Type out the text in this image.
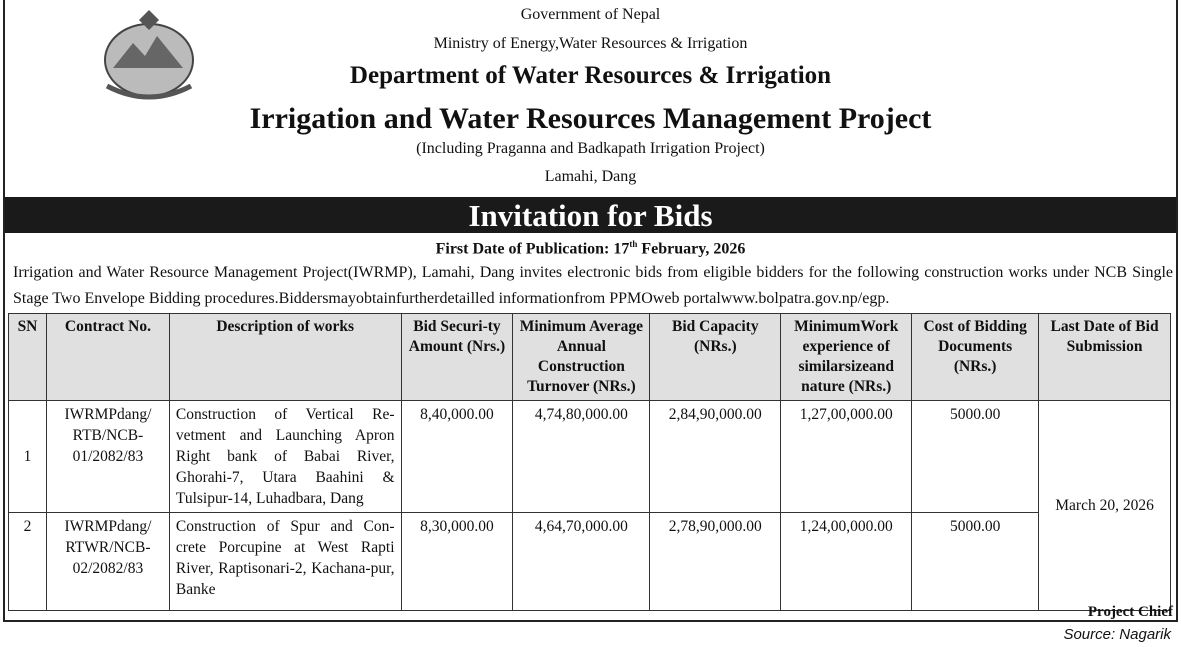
Government of Nepal
Ministry of Energy,Water Resources & Irrigation
Department of Water Resources & Irrigation
Irrigation and Water Resources Management Project
(Including Praganna and Badkapath Irrigation Project)
Lamahi, Dang
Invitation for Bids
First Date of Publication: 17th February, 2026
Irrigation and Water Resource Management Project(IWRMP), Lamahi, Dang invites electronic bids from eligible bidders for the following construction works under NCB Single Stage Two Envelope Bidding procedures.Biddersmayobtainfurtherdetailled informationfrom PPMOweb portalwww.bolpatra.gov.np/egp.
SN	Contract No.	Description of works	Bid Securi-ty Amount (Nrs.)	Minimum Average Annual Construction Turnover (NRs.)	Bid Capacity (NRs.)	MinimumWork experience of similarsizeand nature (NRs.)	Cost of Bidding Documents (NRs.)	Last Date of Bid Submission
1	IWRMPdang/ RTB/NCB-01/2082/83	Construction of Vertical Re-vetment and Launching Apron Right bank of Babai River, Ghorahi-7, Utara Baahini & Tulsipur-14, Luhadbara, Dang	8,40,000.00	4,74,80,000.00	2,84,90,000.00	1,27,00,000.00	5000.00	March 20, 2026
2	IWRMPdang/ RTWR/NCB-02/2082/83	Construction of Spur and Con-crete Porcupine at West Rapti River, Raptisonari-2, Kachana-pur, Banke	8,30,000.00	4,64,70,000.00	2,78,90,000.00	1,24,00,000.00	5000.00	
Project Chief
Source: Nagarik
